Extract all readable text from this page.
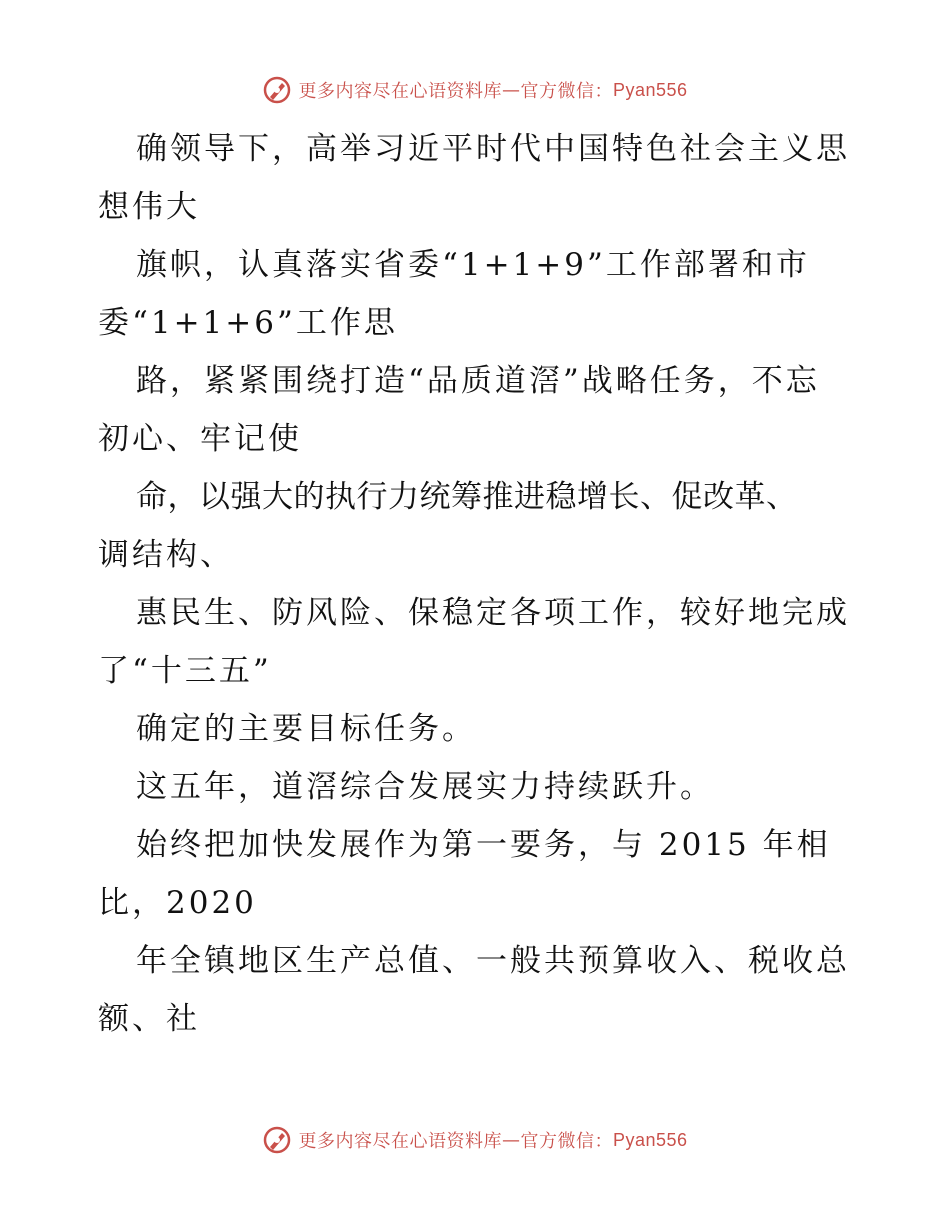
更多内容尽在心语资料库 — 官方微信： Pyan556
确领导下，高举习近平时代中国特色社会主义思
想伟大
旗帜，认真落实省委“1+1+9”工作部署和市
委“1+1+6”工作思
路，紧紧围绕打造“品质道滘”战略任务，不忘
初心、牢记使
命，以强大的执行力统筹推进稳增长、促改革、
调结构、
惠民生、防风险、保稳定各项工作，较好地完成
了“十三五”
确定的主要目标任务。
这五年，道滘综合发展实力持续跃升。
始终把加快发展作为第一要务，与 2015 年相
比，2020
年全镇地区生产总值、一般共预算收入、税收总
额、社
更多内容尽在心语资料库 — 官方微信： Pyan556
